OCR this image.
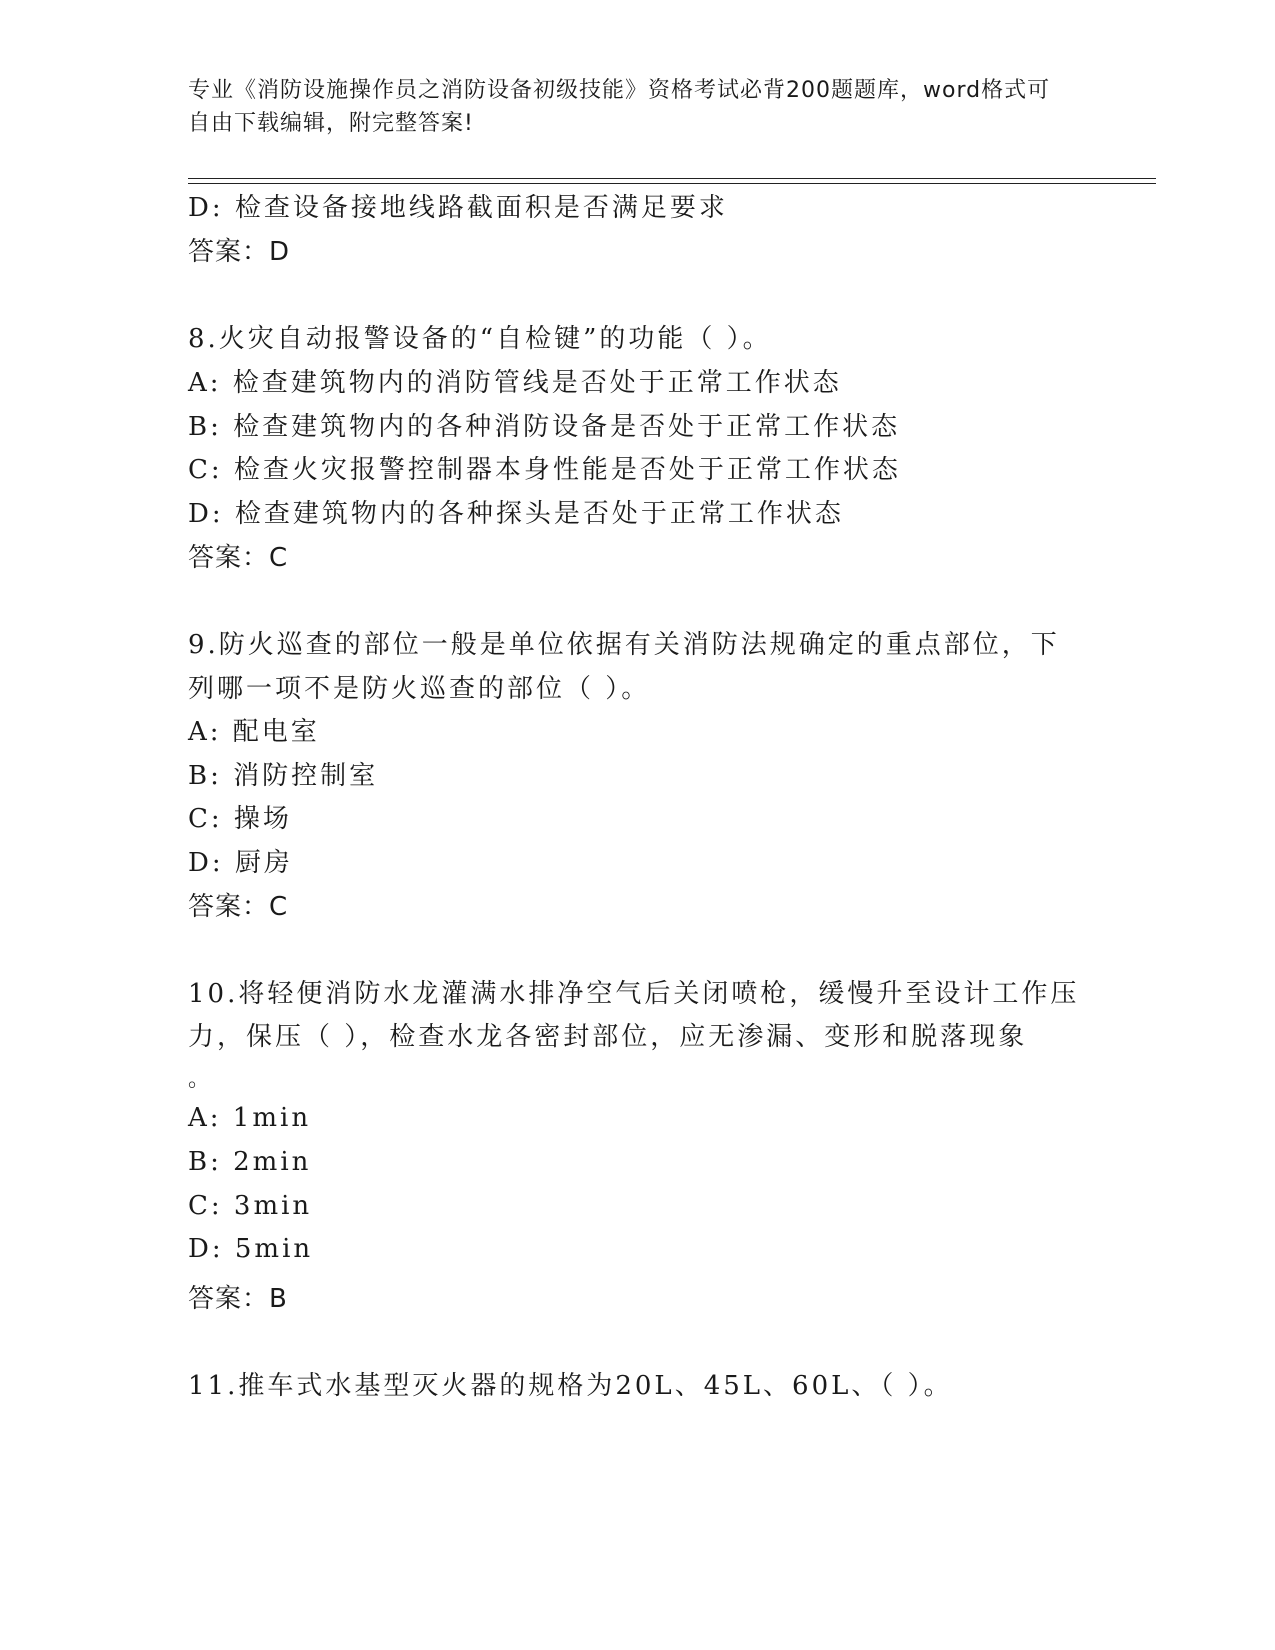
专业《消防设施操作员之消防设备初级技能》资格考试必背200题题库，word格式可自由下载编辑，附完整答案!
D: 检查设备接地线路截面积是否满足要求
答案：D
8.火灾自动报警设备的“自检键”的功能（ ）。
A: 检查建筑物内的消防管线是否处于正常工作状态
B: 检查建筑物内的各种消防设备是否处于正常工作状态
C: 检查火灾报警控制器本身性能是否处于正常工作状态
D: 检查建筑物内的各种探头是否处于正常工作状态
答案：C
9.防火巡查的部位一般是单位依据有关消防法规确定的重点部位，下
列哪一项不是防火巡查的部位（ ）。
A: 配电室
B: 消防控制室
C: 操场
D: 厨房
答案：C
10.将轻便消防水龙灌满水排净空气后关闭喷枪，缓慢升至设计工作压
力，保压（ ），检查水龙各密封部位，应无渗漏、变形和脱落现象
。
A: 1min
B: 2min
C: 3min
D: 5min
答案：B
11.推车式水基型灭火器的规格为20L、45L、60L、（ ）。
